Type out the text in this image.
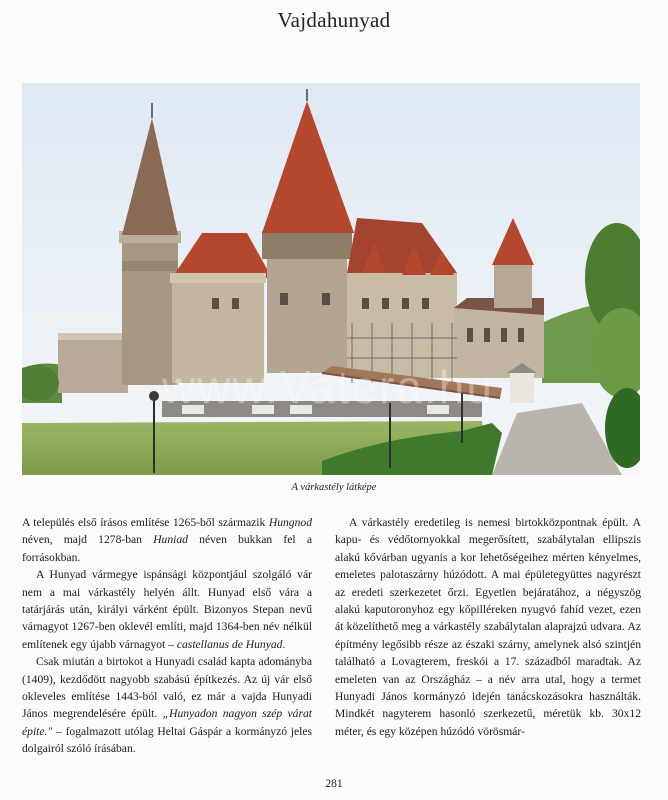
Vajdahunyad
www.Vatera.hu
A várkastély látképe

A település első írásos említése 1265-ből származik Hungnod néven, majd 1278-ban Huniad néven bukkan fel a forrásokban.

A Hunyad vármegye ispánsági központjául szolgáló vár nem a mai várkastély helyén állt. Hunyad első vára a tatárjárás után, királyi várként épült. Bizonyos Stepan nevű várnagyot 1267-ben oklevél említi, majd 1364-ben név nélkül említenek egy újabb várnagyot – castellanus de Hunyad.

Csak miután a birtokot a Hunyadi család kapta adományba (1409), kezdődött nagyobb szabású építkezés. Az új vár első okleveles említése 1443-ból való, ez már a vajda Hunyadi János megrendelésére épült. „Hunyadon nagyon szép várat épite." – fogalmazott utólag Heltai Gáspár a kormányzó jeles dolgairól szóló írásában.

A várkastély eredetileg is nemesi birtokközpontnak épült. A kapu- és védőtornyokkal megerősített, szabálytalan ellipszis alakú kővárban ugyanis a kor lehetőségeihez mérten kényelmes, emeletes palotaszárny húzódott. A mai épületegyüttes nagyrészt az eredeti szerkezetet őrzi. Egyetlen bejáratához, a négyszög alakú kaputoronyhoz egy kőpilléreken nyugvó fahíd vezet, ezen át közelíthető meg a várkastély szabálytalan alaprajzú udvara. Az építmény legősibb része az északi szárny, amelynek alsó szintjén található a Lovagterem, freskói a 17. századból maradtak. Az emeleten van az Országház – a név arra utal, hogy a termet Hunyadi János kormányzó idején tanácskozásokra használták. Mindkét nagyterem hasonló szerkezetű, méretük kb. 30x12 méter, és egy középen húzódó vörösmár-

281
